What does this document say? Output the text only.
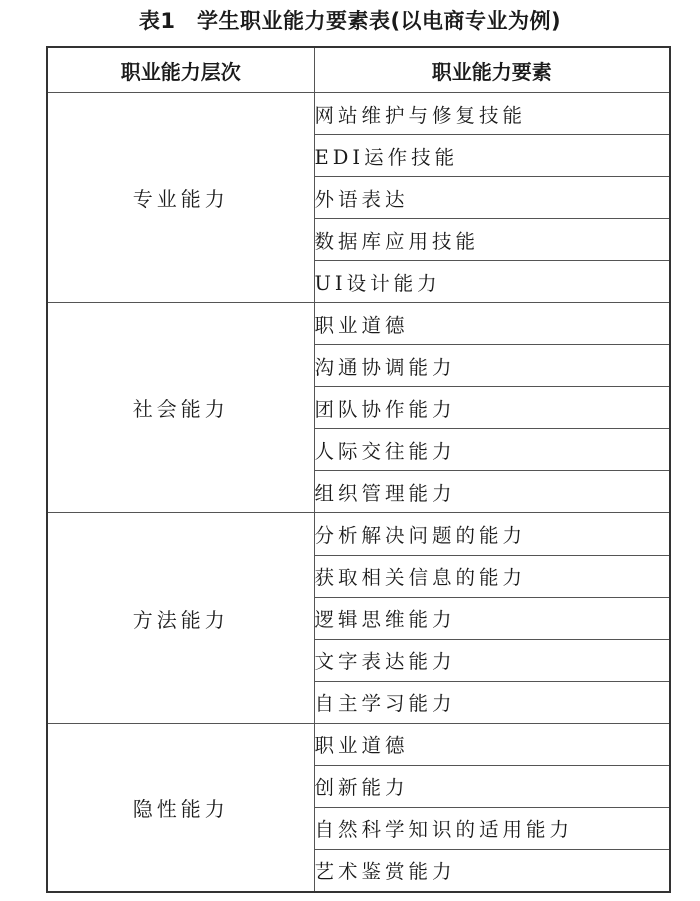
表1　学生职业能力要素表(以电商专业为例)
职业能力层次	职业能力要素
专业能力	网站维护与修复技能
	EDI运作技能
	外语表达
	数据库应用技能
	UI设计能力
社会能力	职业道德
	沟通协调能力
	团队协作能力
	人际交往能力
	组织管理能力
方法能力	分析解决问题的能力
	获取相关信息的能力
	逻辑思维能力
	文字表达能力
	自主学习能力
隐性能力	职业道德
	创新能力
	自然科学知识的适用能力
	艺术鉴赏能力
